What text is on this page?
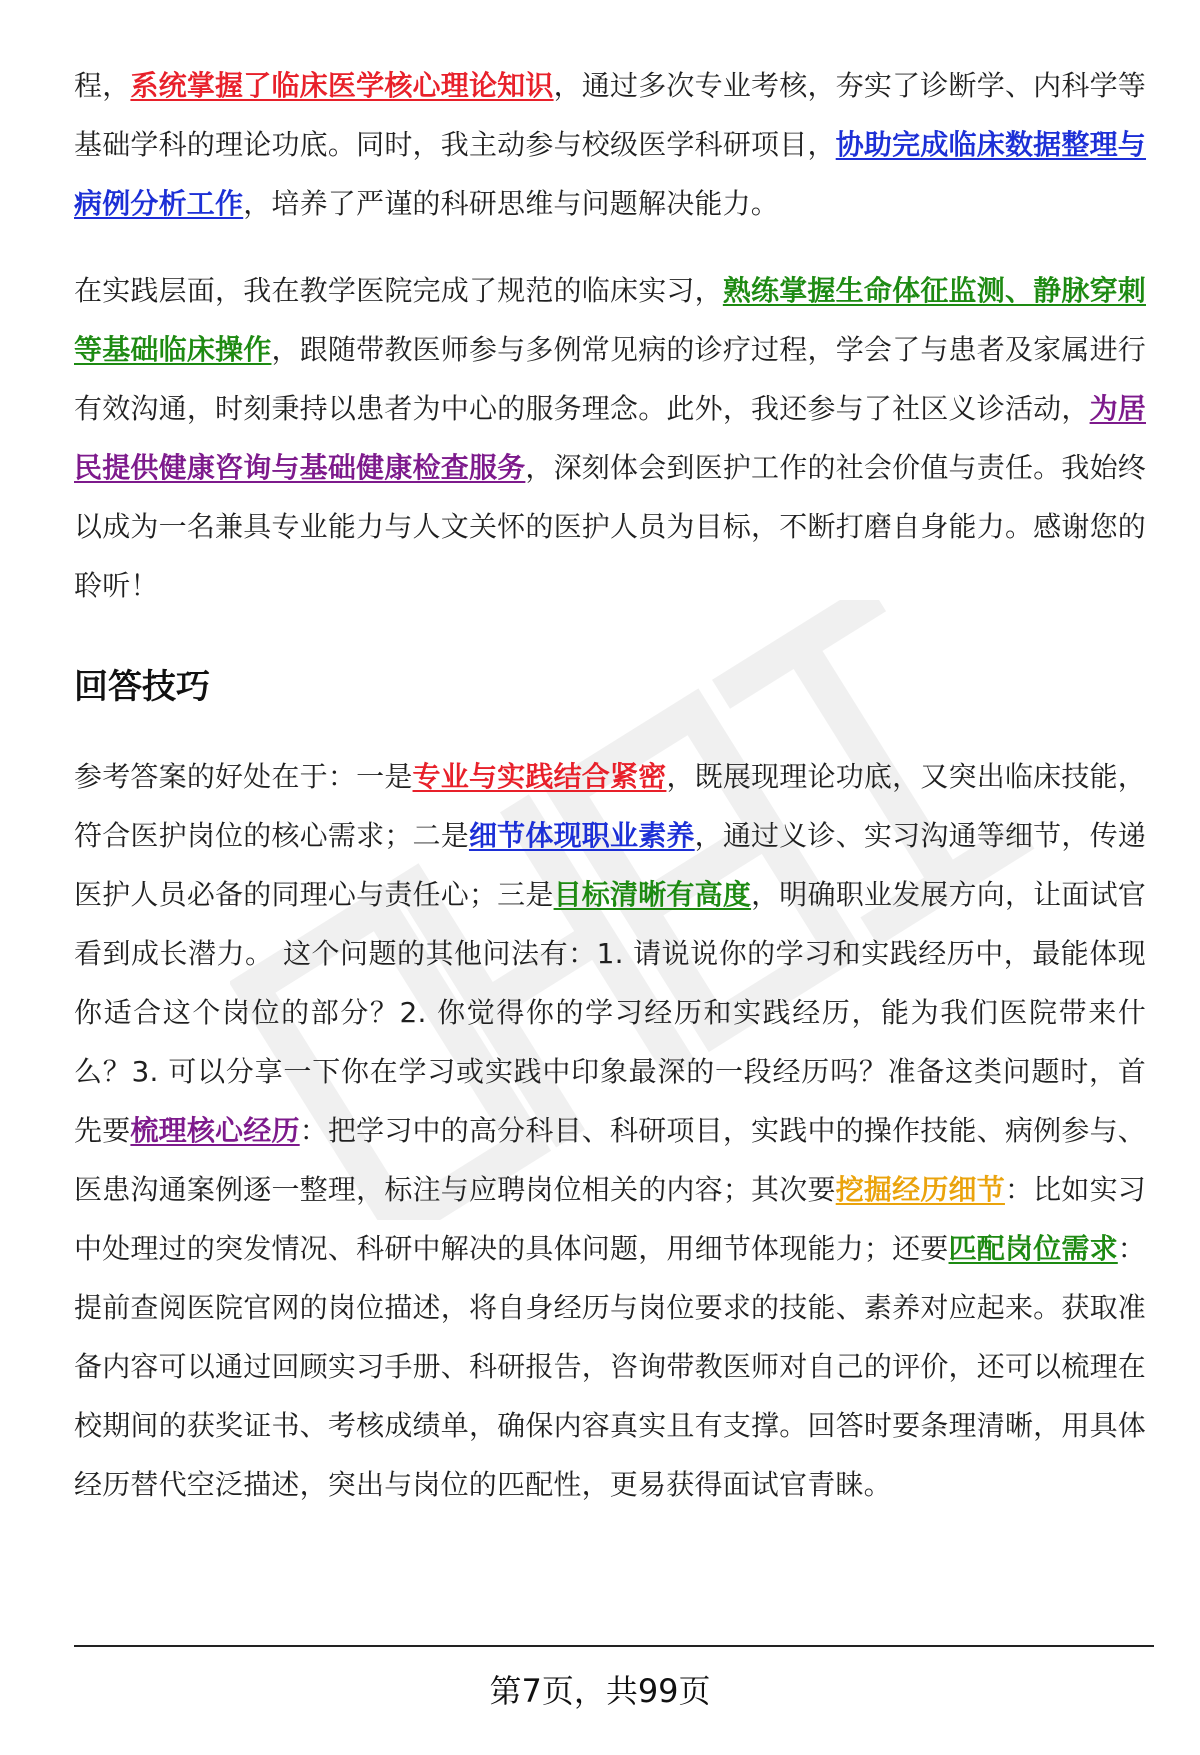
程，系统掌握了临床医学核心理论知识，通过多次专业考核，夯实了诊断学、内科学等基础学科的理论功底。同时，我主动参与校级医学科研项目，协助完成临床数据整理与病例分析工作，培养了严谨的科研思维与问题解决能力。

在实践层面，我在教学医院完成了规范的临床实习，熟练掌握生命体征监测、静脉穿刺等基础临床操作，跟随带教医师参与多例常见病的诊疗过程，学会了与患者及家属进行有效沟通，时刻秉持以患者为中心的服务理念。此外，我还参与了社区义诊活动，为居民提供健康咨询与基础健康检查服务，深刻体会到医护工作的社会价值与责任。我始终以成为一名兼具专业能力与人文关怀的医护人员为目标，不断打磨自身能力。感谢您的聆听！

回答技巧

参考答案的好处在于：一是专业与实践结合紧密，既展现理论功底，又突出临床技能，符合医护岗位的核心需求；二是细节体现职业素养，通过义诊、实习沟通等细节，传递医护人员必备的同理心与责任心；三是目标清晰有高度，明确职业发展方向，让面试官看到成长潜力。 这个问题的其他问法有：1. 请说说你的学习和实践经历中，最能体现你适合这个岗位的部分？2. 你觉得你的学习经历和实践经历，能为我们医院带来什么？3. 可以分享一下你在学习或实践中印象最深的一段经历吗？准备这类问题时，首先要梳理核心经历：把学习中的高分科目、科研项目，实践中的操作技能、病例参与、医患沟通案例逐一整理，标注与应聘岗位相关的内容；其次要挖掘经历细节：比如实习中处理过的突发情况、科研中解决的具体问题，用细节体现能力；还要匹配岗位需求：提前查阅医院官网的岗位描述，将自身经历与岗位要求的技能、素养对应起来。获取准备内容可以通过回顾实习手册、科研报告，咨询带教医师对自己的评价，还可以梳理在校期间的获奖证书、考核成绩单，确保内容真实且有支撑。回答时要条理清晰，用具体经历替代空泛描述，突出与岗位的匹配性，更易获得面试官青睐。

第7页，共99页
